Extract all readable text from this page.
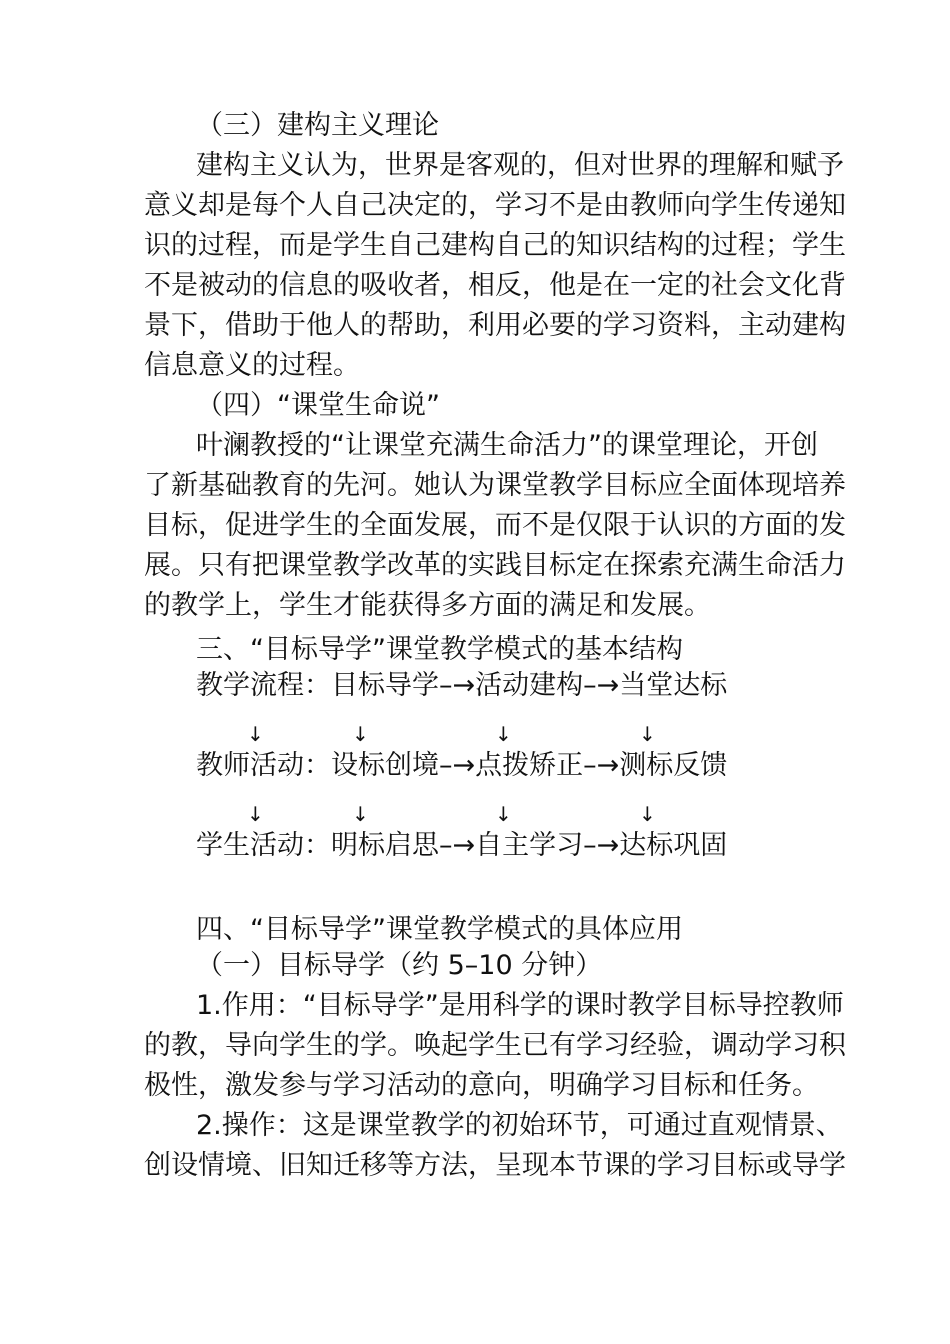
（三）建构主义理论
建构主义认为，世界是客观的，但对世界的理解和赋予
意义却是每个人自己决定的，学习不是由教师向学生传递知
识的过程，而是学生自己建构自己的知识结构的过程；学生
不是被动的信息的吸收者，相反，他是在一定的社会文化背
景下，借助于他人的帮助，利用必要的学习资料，主动建构
信息意义的过程。
（四）“课堂生命说”
叶澜教授的“让课堂充满生命活力”的课堂理论，开创
了新基础教育的先河。她认为课堂教学目标应全面体现培养
目标，促进学生的全面发展，而不是仅限于认识的方面的发
展。只有把课堂教学改革的实践目标定在探索充满生命活力
的教学上，学生才能获得多方面的满足和发展。
三、“目标导学”课堂教学模式的基本结构
教学流程：目标导学–→活动建构–→当堂达标
↓	↓	↓	↓
教师活动：设标创境–→点拨矫正–→测标反馈
↓	↓	↓	↓
学生活动：明标启思–→自主学习–→达标巩固
四、“目标导学”课堂教学模式的具体应用
（一）目标导学（约 5–10 分钟）
1.作用：“目标导学”是用科学的课时教学目标导控教师
的教，导向学生的学。唤起学生已有学习经验，调动学习积
极性，激发参与学习活动的意向，明确学习目标和任务。
2.操作：这是课堂教学的初始环节，可通过直观情景、
创设情境、旧知迁移等方法，呈现本节课的学习目标或导学
